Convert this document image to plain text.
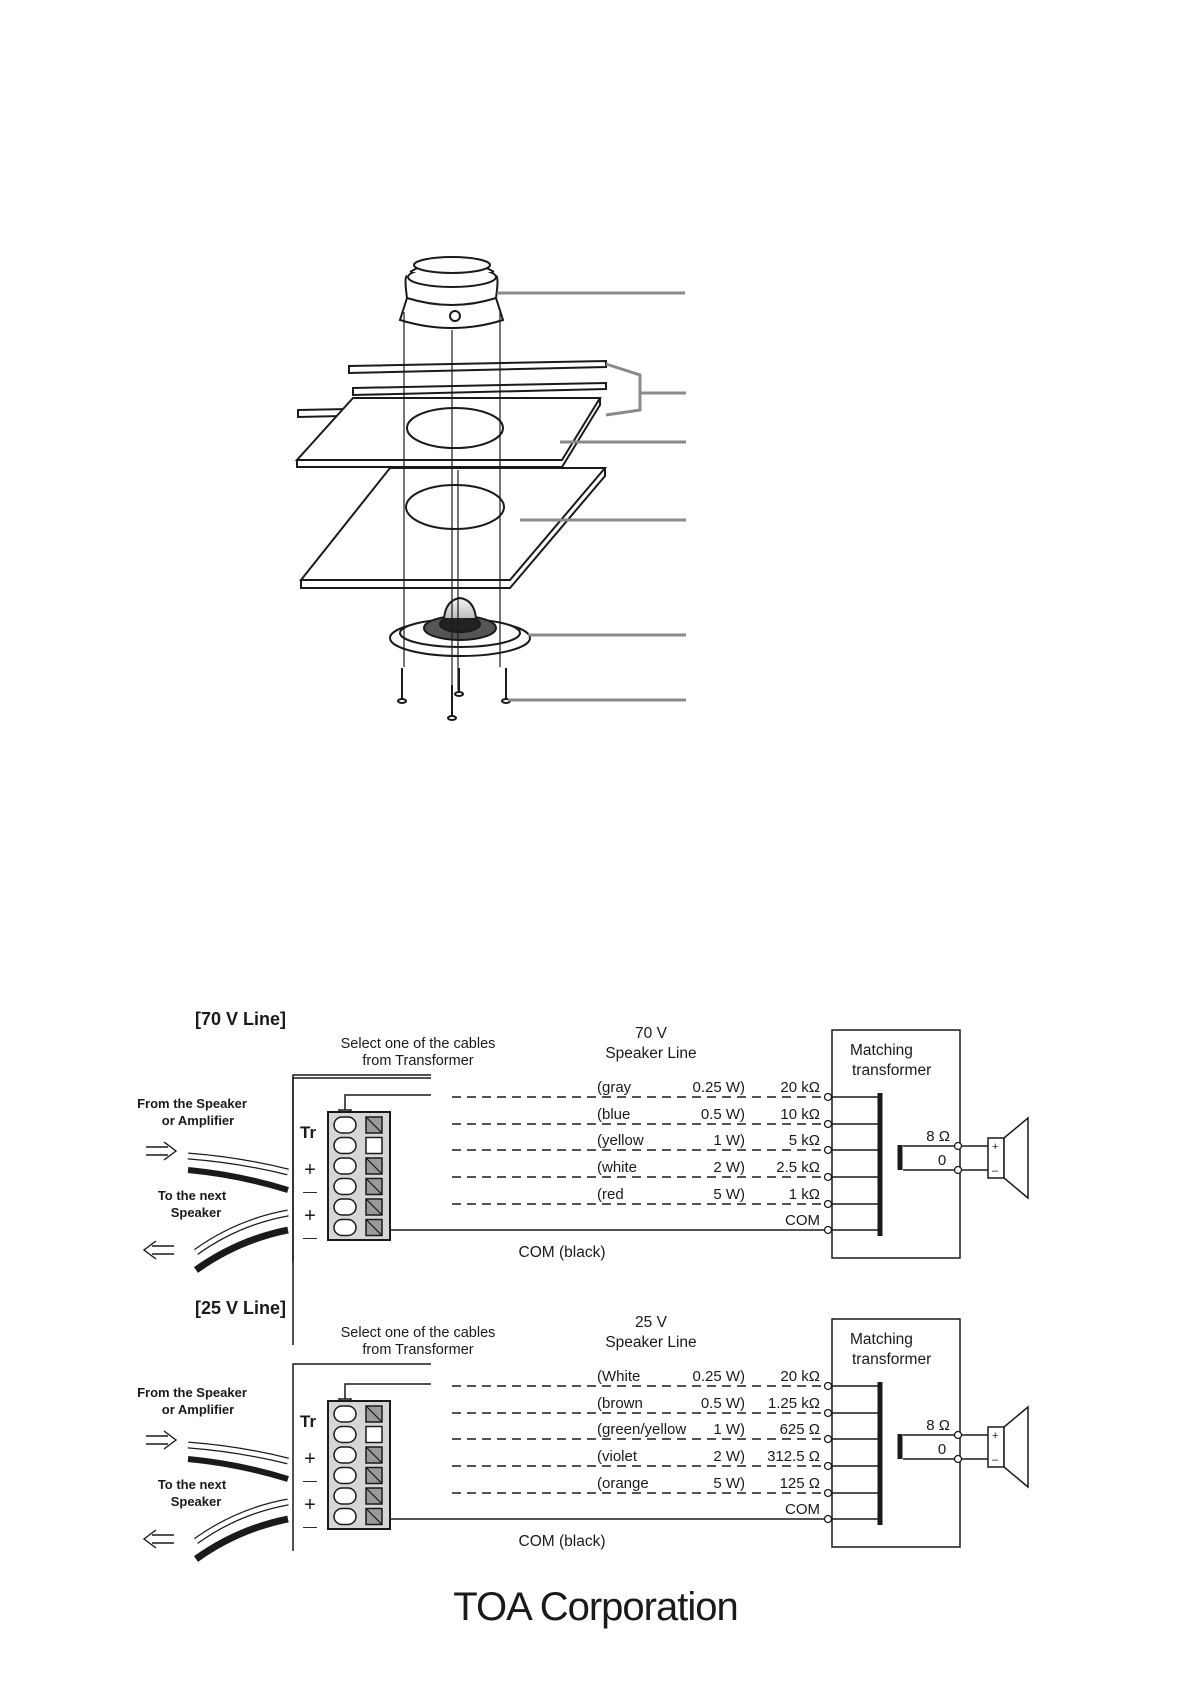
[70 V Line]
Select one of the cables
from Transformer
From the Speaker
or Amplifier
To the next
Speaker
Tr
+
—
+
—
70 V
Speaker Line
(gray	0.25 W) 20 kΩ
(blue	0.5 W) 10 kΩ
(yellow	1 W)	5 kΩ
(white	2 W) 2.5 kΩ
(red	5 W)	1 kΩ
COM
COM (black)
Matching
transformer
8 Ω
0
+
–
[25 V Line]
Select one of the cables
from Transformer
From the Speaker
or Amplifier
To the next
Speaker
Tr
+
—
+
—
25 V
Speaker Line
(White	0.25 W) 20 kΩ
(brown	0.5 W) 1.25 kΩ
(green/yellow 1 W) 625 Ω
(violet	2 W) 312.5 Ω
(orange	5 W) 125 Ω
COM
COM (black)
Matching
transformer
8 Ω
0
+
–
TOA Corporation
